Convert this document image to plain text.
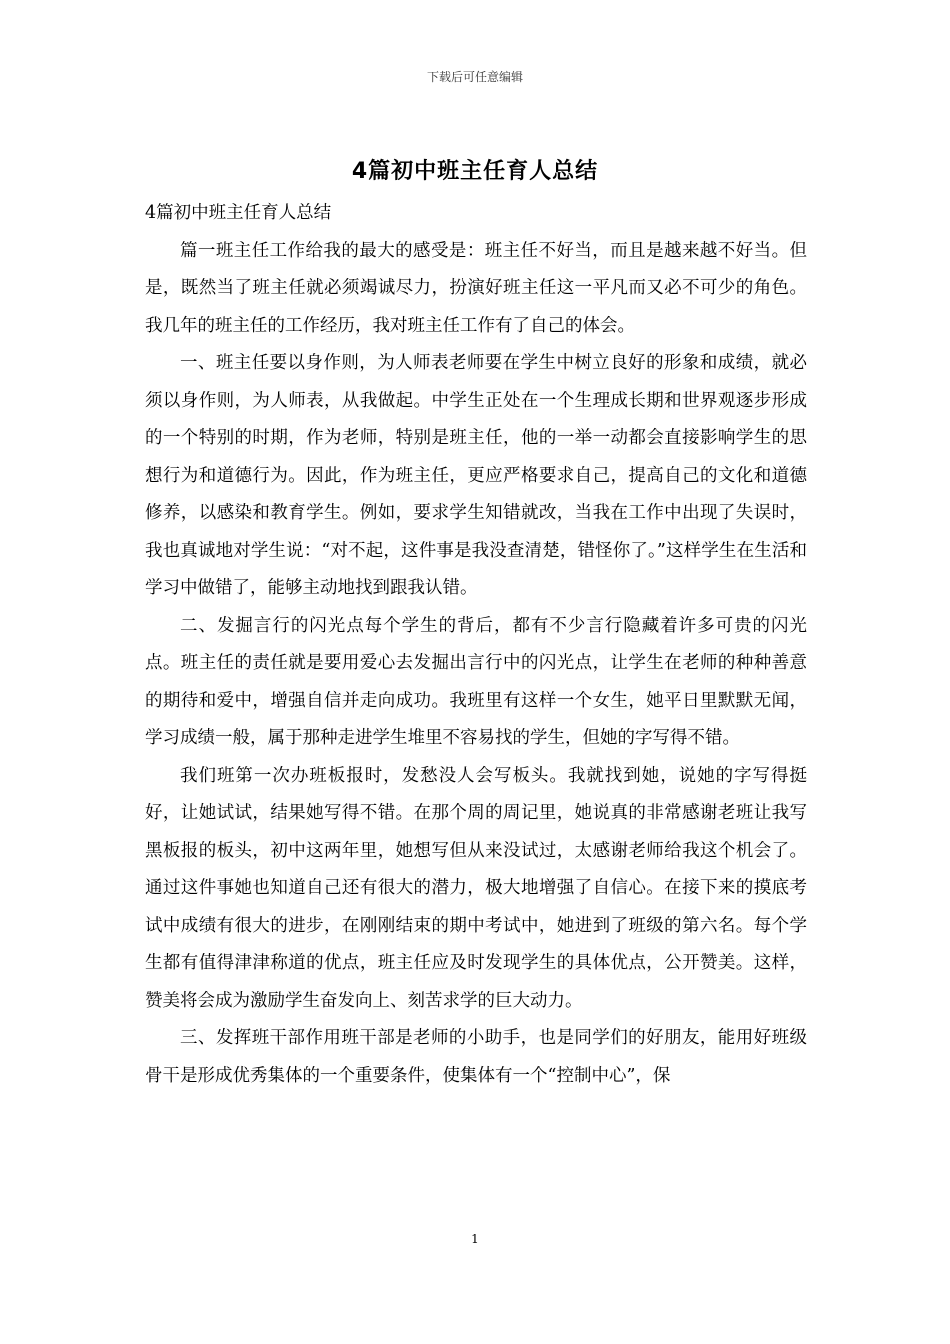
下载后可任意编辑
4篇初中班主任育人总结

4篇初中班主任育人总结

篇一班主任工作给我的最大的感受是：班主任不好当，而且是越来越不好当。但是，既然当了班主任就必须竭诚尽力，扮演好班主任这一平凡而又必不可少的角色。我几年的班主任的工作经历，我对班主任工作有了自己的体会。

一、班主任要以身作则，为人师表老师要在学生中树立良好的形象和成绩，就必须以身作则，为人师表，从我做起。中学生正处在一个生理成长期和世界观逐步形成的一个特别的时期，作为老师，特别是班主任，他的一举一动都会直接影响学生的思想行为和道德行为。因此，作为班主任，更应严格要求自己，提高自己的文化和道德修养，以感染和教育学生。例如，要求学生知错就改，当我在工作中出现了失误时，我也真诚地对学生说：“对不起，这件事是我没查清楚，错怪你了。”这样学生在生活和学习中做错了，能够主动地找到跟我认错。

二、发掘言行的闪光点每个学生的背后，都有不少言行隐藏着许多可贵的闪光点。班主任的责任就是要用爱心去发掘出言行中的闪光点，让学生在老师的种种善意的期待和爱中，增强自信并走向成功。我班里有这样一个女生，她平日里默默无闻，学习成绩一般，属于那种走进学生堆里不容易找的学生，但她的字写得不错。

我们班第一次办班板报时，发愁没人会写板头。我就找到她，说她的字写得挺好，让她试试，结果她写得不错。在那个周的周记里，她说真的非常感谢老班让我写黑板报的板头，初中这两年里，她想写但从来没试过，太感谢老师给我这个机会了。通过这件事她也知道自己还有很大的潜力，极大地增强了自信心。在接下来的摸底考试中成绩有很大的进步，在刚刚结束的期中考试中，她进到了班级的第六名。每个学生都有值得津津称道的优点，班主任应及时发现学生的具体优点，公开赞美。这样，赞美将会成为激励学生奋发向上、刻苦求学的巨大动力。

三、发挥班干部作用班干部是老师的小助手，也是同学们的好朋友，能用好班级骨干是形成优秀集体的一个重要条件，使集体有一个“控制中心”，保

1
